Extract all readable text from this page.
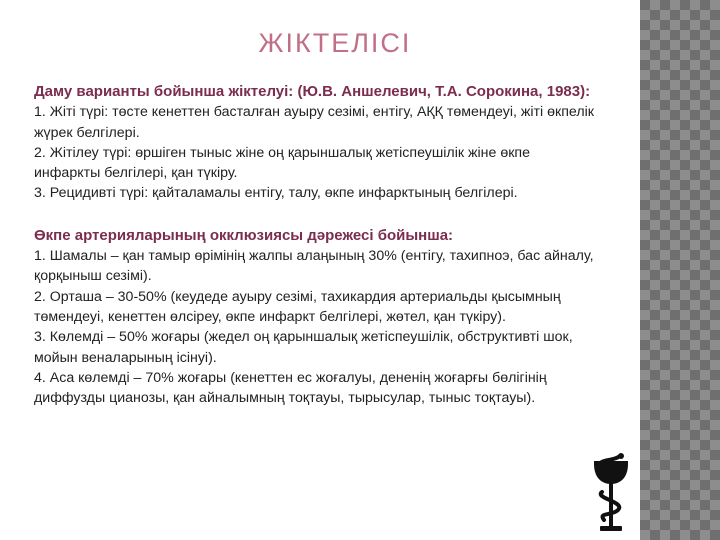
ЖІКТЕЛІСІ

Даму варианты бойынша жіктелуі: (Ю.В. Аншелевич, Т.А. Сорокина, 1983):

1. Жіті түрі: төсте кенеттен басталған ауыру сезімі, ентігу, АҚҚ төмендеуі, жіті өкпелік жүрек белгілері.

2. Жітілеу түрі: өршіген тыныс жіне оң қарыншалық жетіспеушілік жіне өкпе инфаркты белгілері, қан түкіру.

3. Рецидивті түрі: қайталамалы ентігу, талу, өкпе инфарктының белгілері.

Өкпе артерияларының окклюзиясы дәрежесі бойынша:

1. Шамалы – қан тамыр өрімінің жалпы алаңының 30% (ентігу, тахипноэ, бас айналу, қорқыныш сезімі).

2. Орташа – 30-50% (кеудеде ауыру сезімі, тахикардия артериальды қысымның төмендеуі, кенеттен өлсіреу, өкпе инфаркт белгілері, жөтел, қан түкіру).

3. Көлемді – 50% жоғары (жедел оң қарыншалық жетіспеушілік, обструктивті шок, мойын веналарының ісінуі).

4. Аса көлемді – 70% жоғары (кенеттен ес жоғалуы, дененің жоғарғы бөлігінің диффузды цианозы, қан айналымның тоқтауы, тырысулар, тыныс тоқтауы).
